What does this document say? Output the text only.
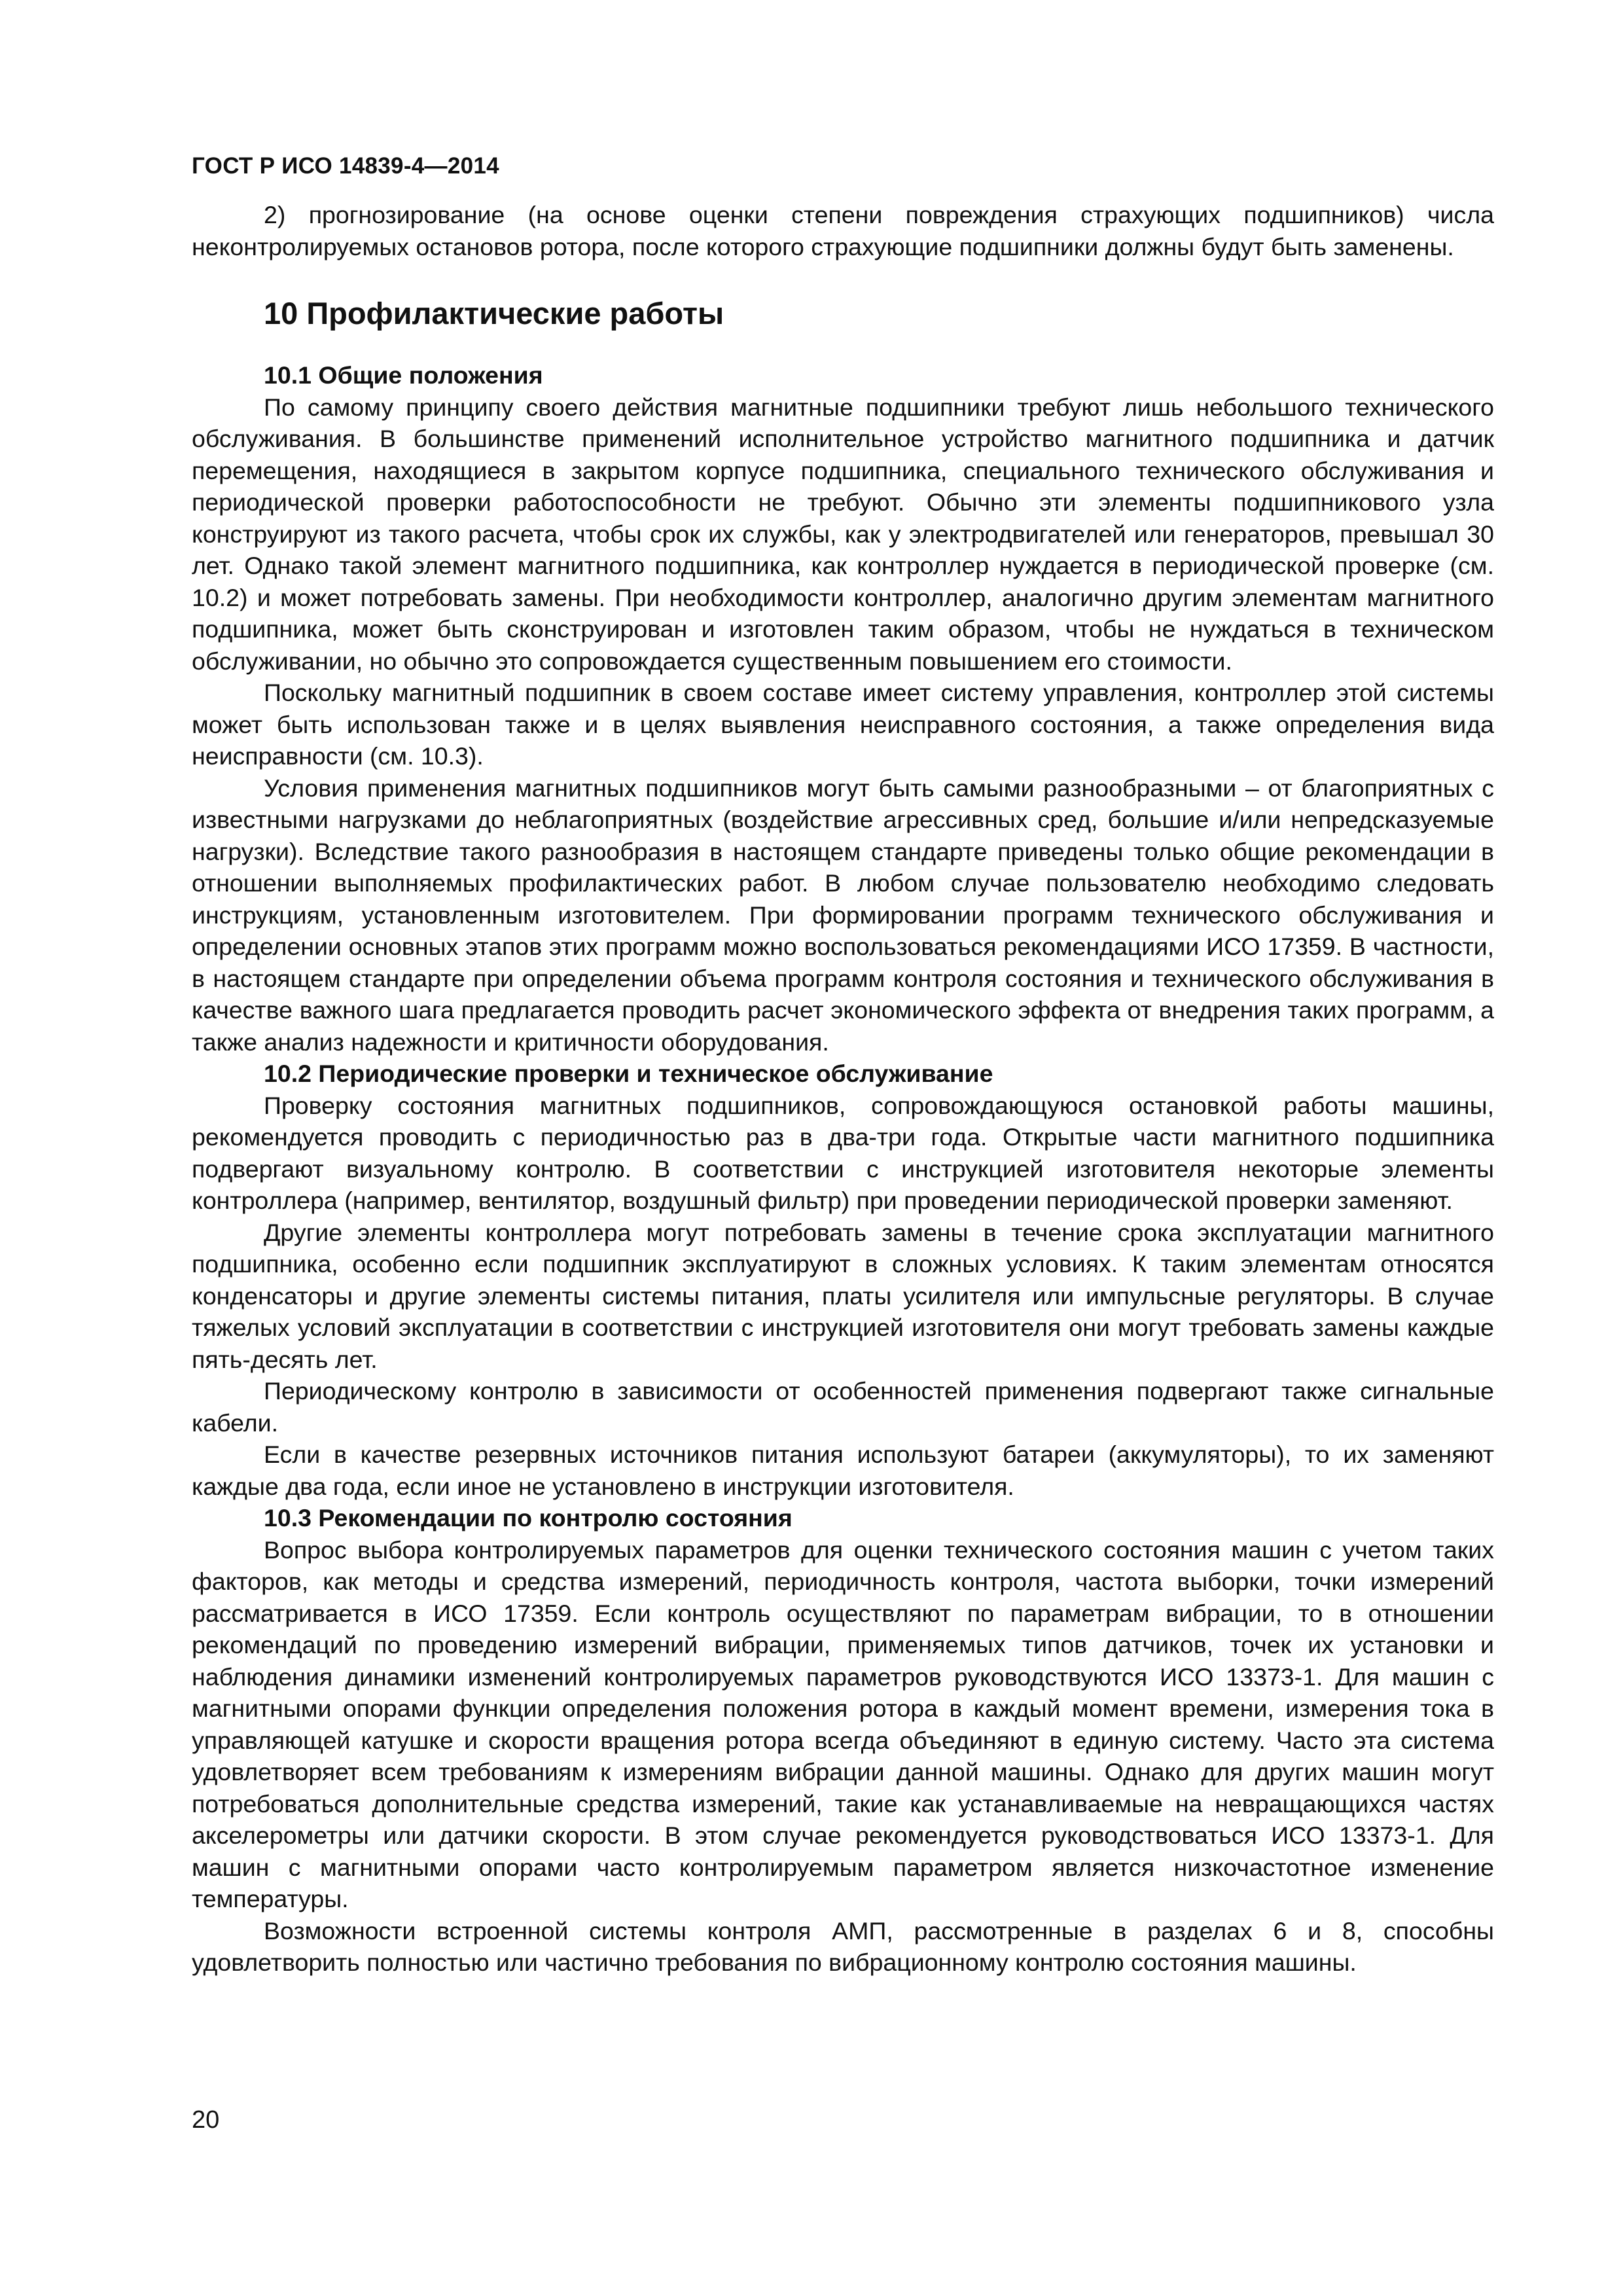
ГОСТ Р ИСО 14839-4—2014

2) прогнозирование (на основе оценки степени повреждения страхующих подшипников) числа неконтролируемых остановов ротора, после которого страхующие подшипники должны будут быть заменены.

10 Профилактические работы
10.1 Общие положения

По самому принципу своего действия магнитные подшипники требуют лишь небольшого технического обслуживания. В большинстве применений исполнительное устройство магнитного подшипника и датчик перемещения, находящиеся в закрытом корпусе подшипника, специального технического обслуживания и периодической проверки работоспособности не требуют. Обычно эти элементы подшипникового узла конструируют из такого расчета, чтобы срок их службы, как у электродвигателей или генераторов, превышал 30 лет. Однако такой элемент магнитного подшипника, как контроллер нуждается в периодической проверке (см. 10.2) и может потребовать замены. При необходимости контроллер, аналогично другим элементам магнитного подшипника, может быть сконструирован и изготовлен таким образом, чтобы не нуждаться в техническом обслуживании, но обычно это сопровождается существенным повышением его стоимости.

Поскольку магнитный подшипник в своем составе имеет систему управления, контроллер этой системы может быть использован также и в целях выявления неисправного состояния, а также определения вида неисправности (см. 10.3).

Условия применения магнитных подшипников могут быть самыми разнообразными – от благоприятных с известными нагрузками до неблагоприятных (воздействие агрессивных сред, большие и/или непредсказуемые нагрузки). Вследствие такого разнообразия в настоящем стандарте приведены только общие рекомендации в отношении выполняемых профилактических работ. В любом случае пользователю необходимо следовать инструкциям, установленным изготовителем. При формировании программ технического обслуживания и определении основных этапов этих программ можно воспользоваться рекомендациями ИСО 17359. В частности, в настоящем стандарте при определении объема программ контроля состояния и технического обслуживания в качестве важного шага предлагается проводить расчет экономического эффекта от внедрения таких программ, а также анализ надежности и критичности оборудования.

10.2 Периодические проверки и техническое обслуживание

Проверку состояния магнитных подшипников, сопровождающуюся остановкой работы машины, рекомендуется проводить с периодичностью раз в два-три года. Открытые части магнитного подшипника подвергают визуальному контролю. В соответствии с инструкцией изготовителя некоторые элементы контроллера (например, вентилятор, воздушный фильтр) при проведении периодической проверки заменяют.

Другие элементы контроллера могут потребовать замены в течение срока эксплуатации магнитного подшипника, особенно если подшипник эксплуатируют в сложных условиях. К таким элементам относятся конденсаторы и другие элементы системы питания, платы усилителя или импульсные регуляторы. В случае тяжелых условий эксплуатации в соответствии с инструкцией изготовителя они могут требовать замены каждые пять-десять лет.

Периодическому контролю в зависимости от особенностей применения подвергают также сигнальные кабели.

Если в качестве резервных источников питания используют батареи (аккумуляторы), то их заменяют каждые два года, если иное не установлено в инструкции изготовителя.

10.3 Рекомендации по контролю состояния

Вопрос выбора контролируемых параметров для оценки технического состояния машин с учетом таких факторов, как методы и средства измерений, периодичность контроля, частота выборки, точки измерений рассматривается в ИСО 17359. Если контроль осуществляют по параметрам вибрации, то в отношении рекомендаций по проведению измерений вибрации, применяемых типов датчиков, точек их установки и наблюдения динамики изменений контролируемых параметров руководствуются ИСО 13373-1. Для машин с магнитными опорами функции определения положения ротора в каждый момент времени, измерения тока в управляющей катушке и скорости вращения ротора всегда объединяют в единую систему. Часто эта система удовлетворяет всем требованиям к измерениям вибрации данной машины. Однако для других машин могут потребоваться дополнительные средства измерений, такие как устанавливаемые на невращающихся частях акселерометры или датчики скорости. В этом случае рекомендуется руководствоваться ИСО 13373-1. Для машин с магнитными опорами часто контролируемым параметром является низкочастотное изменение температуры.

Возможности встроенной системы контроля АМП, рассмотренные в разделах 6 и 8, способны удовлетворить полностью или частично требования по вибрационному контролю состояния машины.

20
